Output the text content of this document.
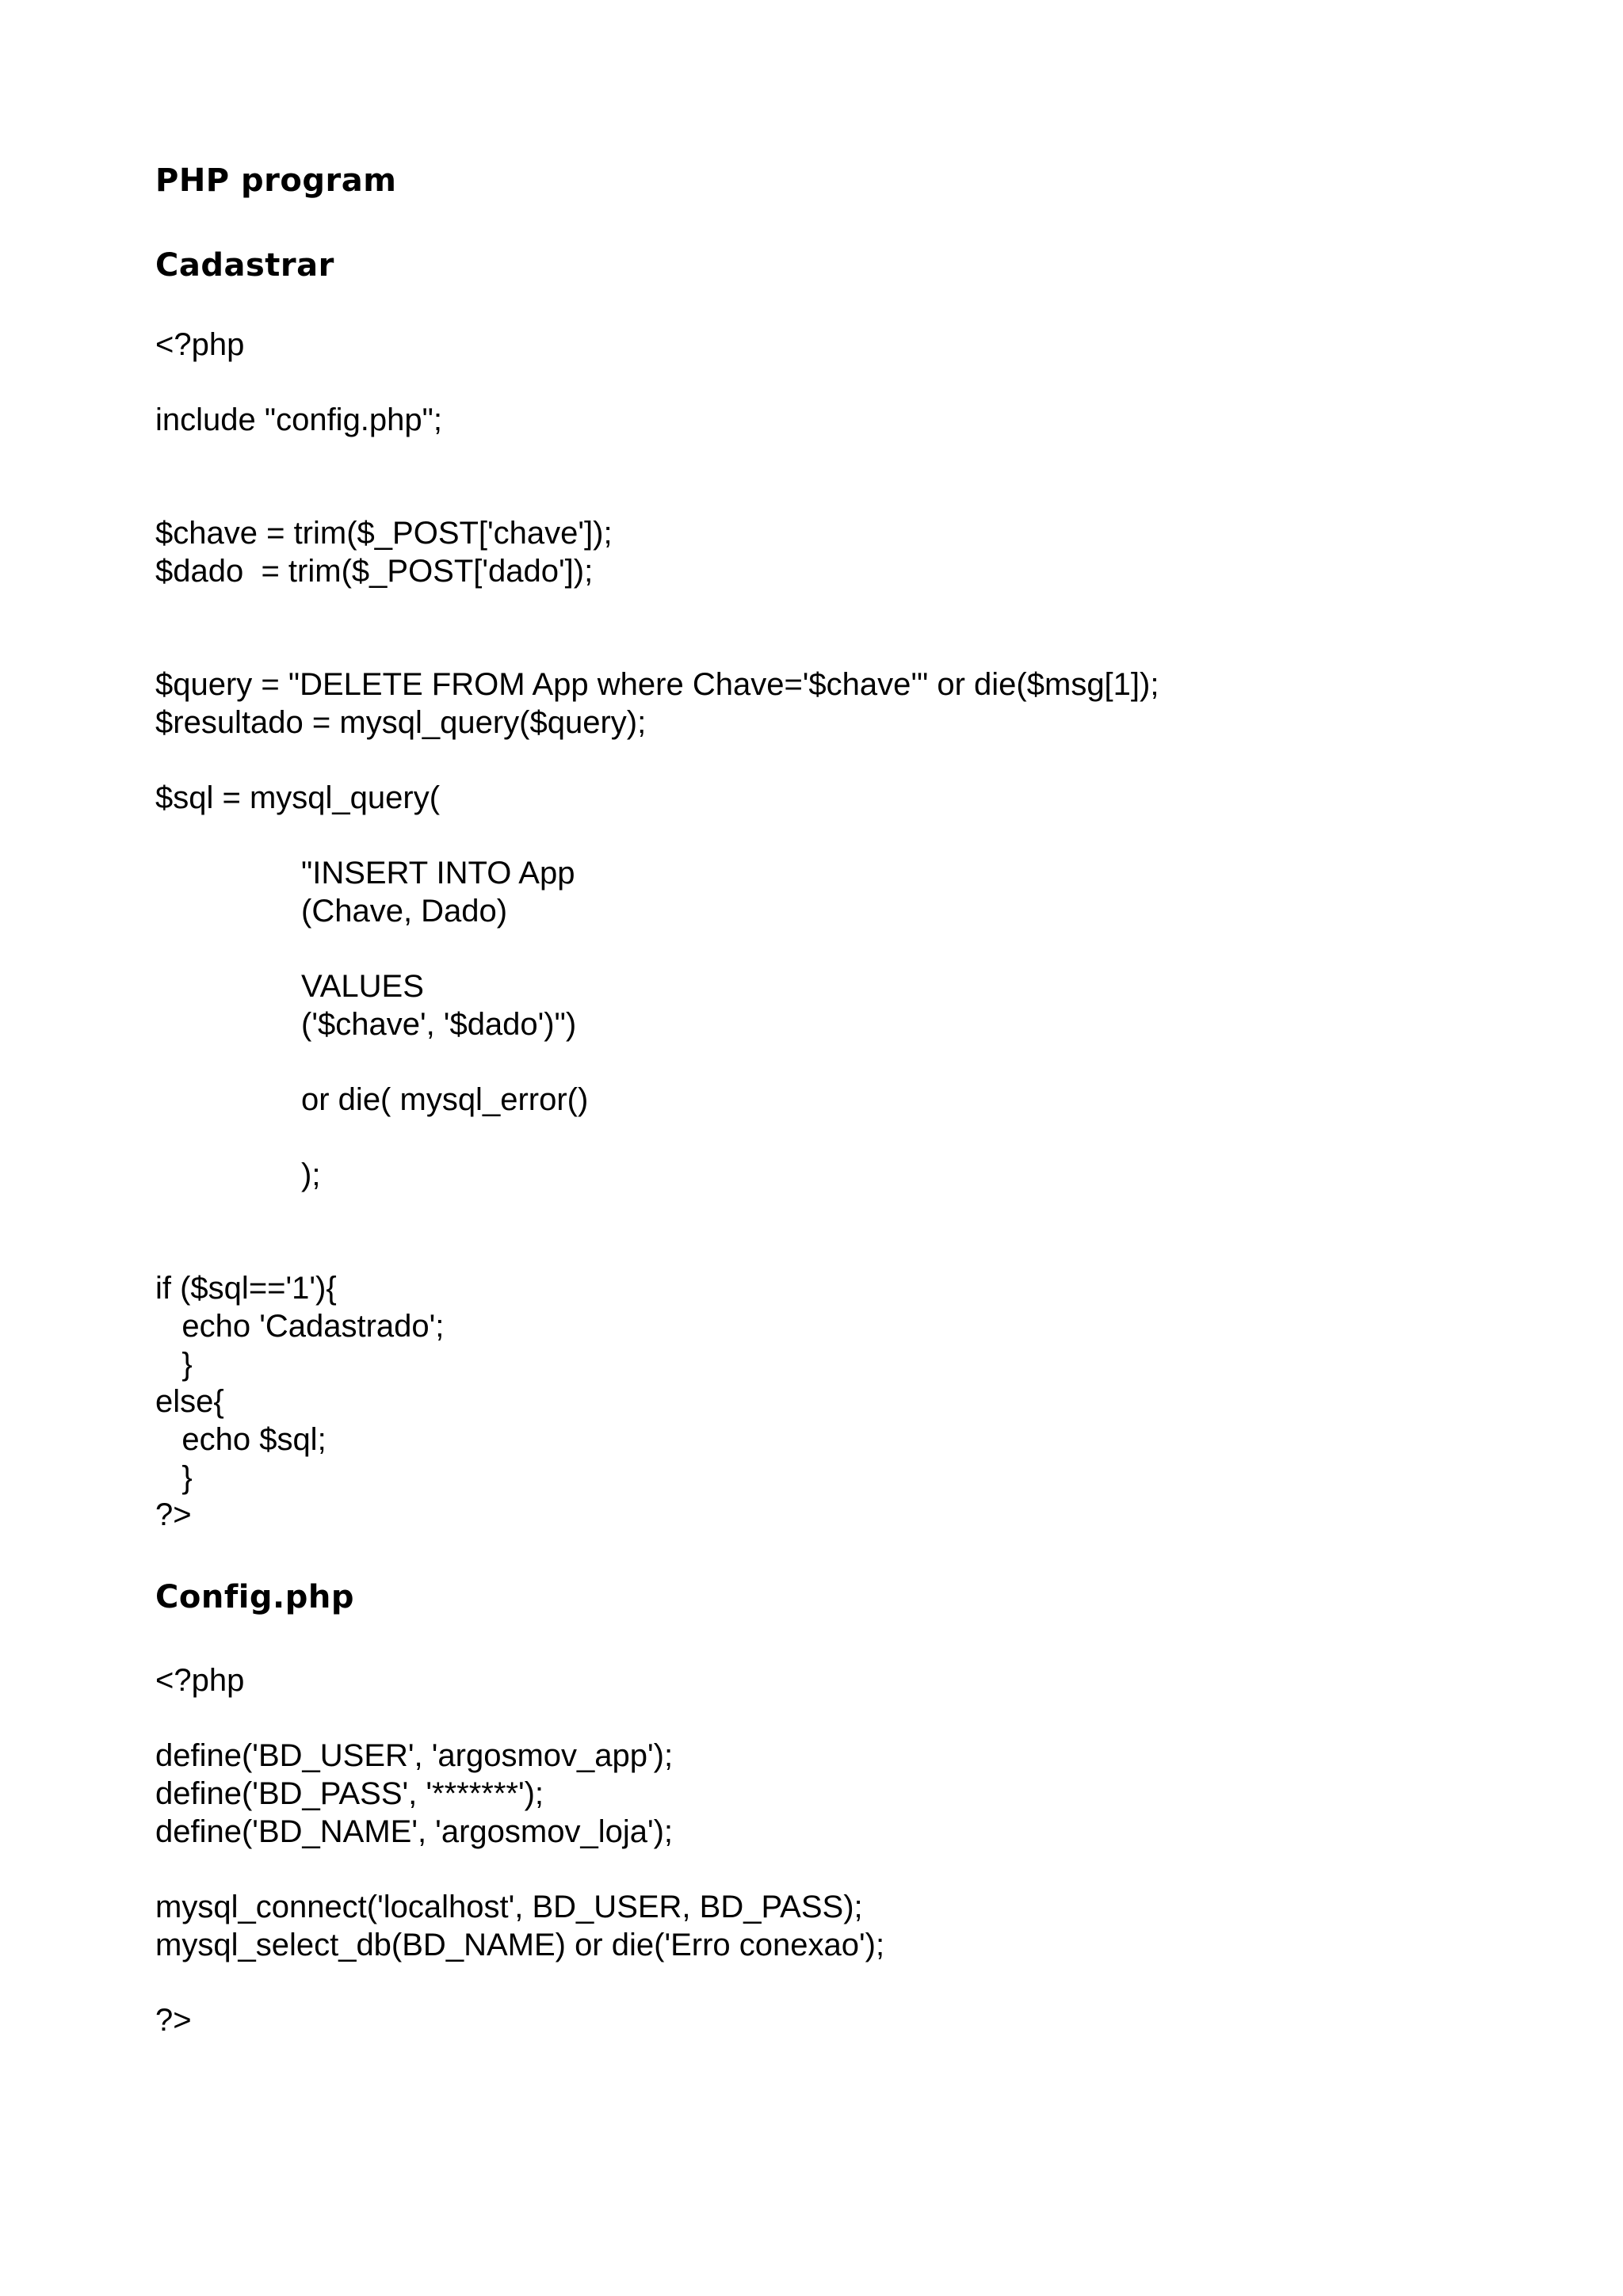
PHP program
Cadastrar
<?php
include "config.php";
$chave = trim($_POST['chave']);
$dado  = trim($_POST['dado']);
$query = "DELETE FROM App where Chave='$chave'" or die($msg[1]);
$resultado = mysql_query($query);
$sql = mysql_query(
"INSERT INTO App
(Chave, Dado)
VALUES
('$chave', '$dado')")
or die( mysql_error()
);
if ($sql=='1'){
echo 'Cadastrado';
}
else{
echo $sql;
}
?>
Config.php
<?php
define('BD_USER', 'argosmov_app');
define('BD_PASS', '*******');
define('BD_NAME', 'argosmov_loja');
mysql_connect('localhost', BD_USER, BD_PASS);
mysql_select_db(BD_NAME) or die('Erro conexao');
?>
